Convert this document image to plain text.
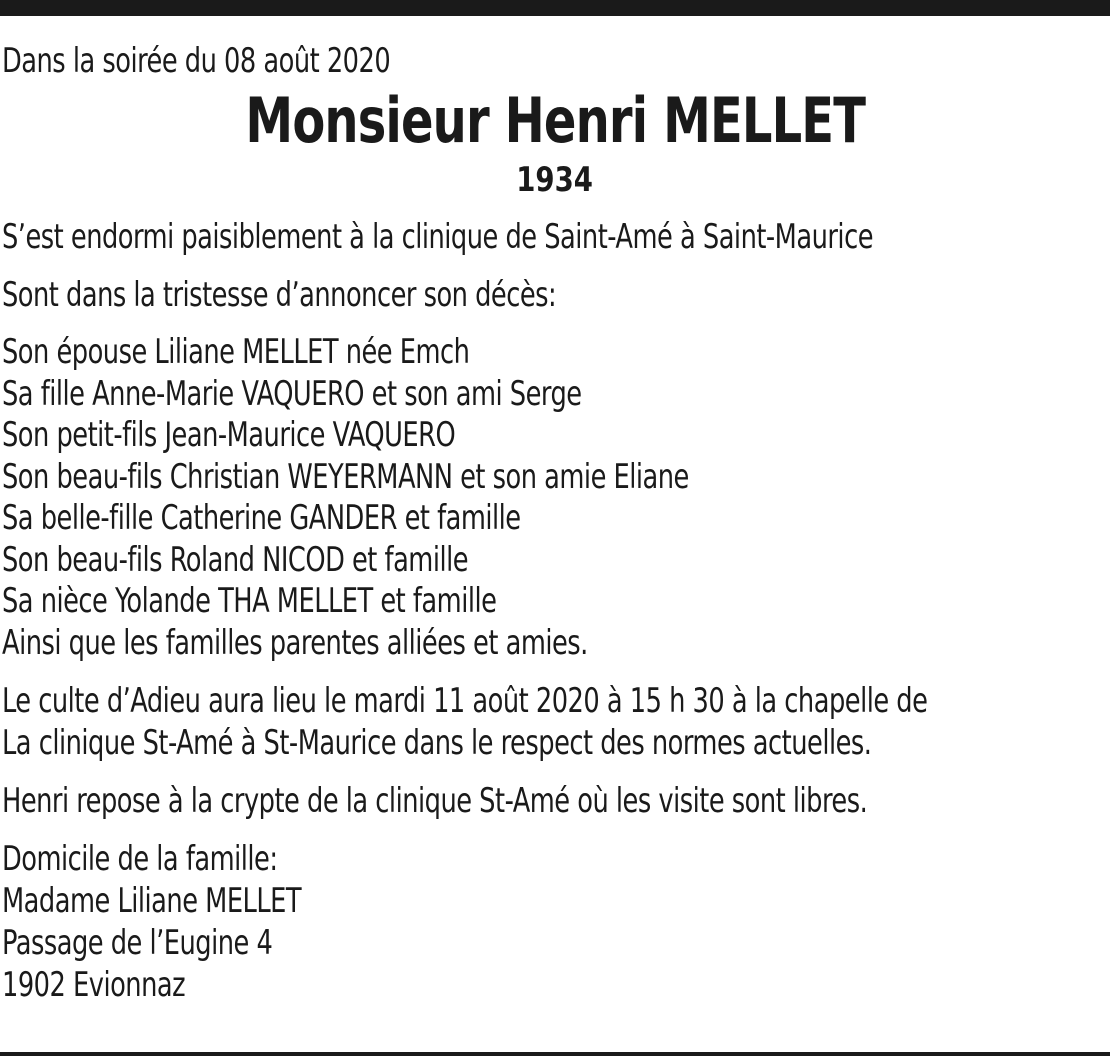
Dans la soirée du 08 août 2020
Monsieur Henri MELLET
1934
S’est endormi paisiblement à la clinique de Saint-Amé à Saint-Maurice
Sont dans la tristesse d’annoncer son décès:
Son épouse Liliane MELLET née Emch
Sa fille Anne-Marie VAQUERO et son ami Serge
Son petit-fils Jean-Maurice VAQUERO
Son beau-fils Christian WEYERMANN et son amie Eliane
Sa belle-fille Catherine GANDER et famille
Son beau-fils Roland NICOD et famille
Sa nièce Yolande THA MELLET et famille
Ainsi que les familles parentes alliées et amies.
Le culte d’Adieu aura lieu le mardi 11 août 2020 à 15 h 30 à la chapelle de
La clinique St-Amé à St-Maurice dans le respect des normes actuelles.
Henri repose à la crypte de la clinique St-Amé où les visite sont libres.
Domicile de la famille:
Madame Liliane MELLET
Passage de l’Eugine 4
1902 Evionnaz
